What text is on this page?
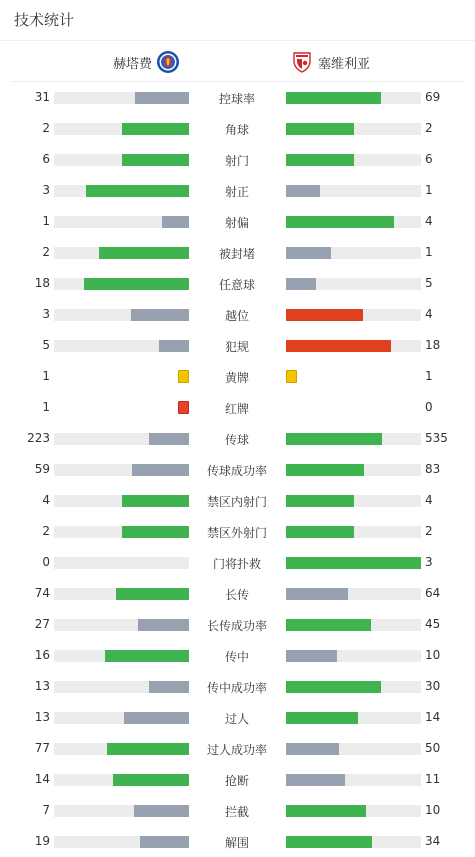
技术统计
赫塔费	塞维利亚
31	控球率	69
2	角球	2
6	射门	6
3	射正	1
1	射偏	4
2	被封堵	1
18	任意球	5
3	越位	4
5	犯规	18
1	黄牌	1
1	红牌	0
223	传球	535
59	传球成功率	83
4	禁区内射门	4
2	禁区外射门	2
0	门将扑救	3
74	长传	64
27	长传成功率	45
16	传中	10
13	传中成功率	30
13	过人	14
77	过人成功率	50
14	抢断	11
7	拦截	10
19	解围	34
